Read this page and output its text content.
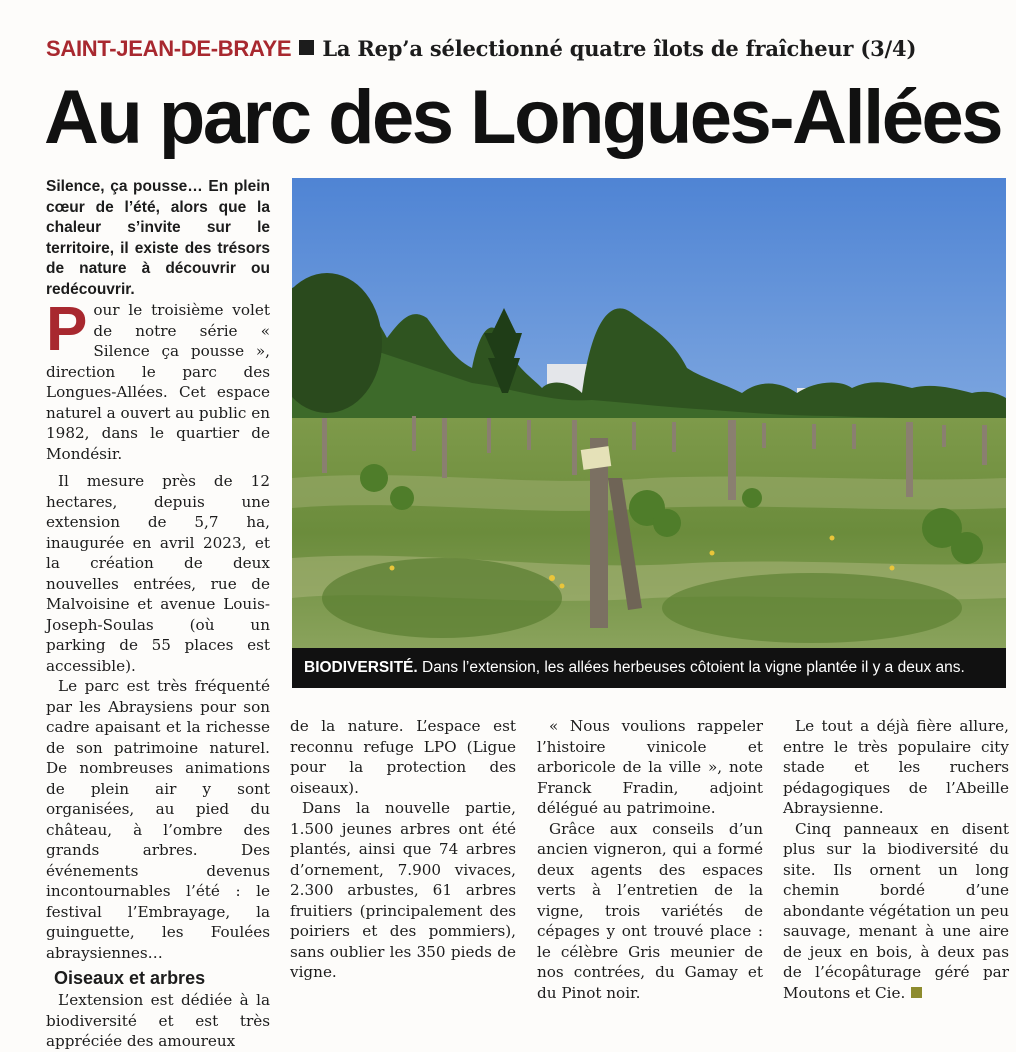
SAINT-JEAN-DE-BRAYE La Rep’a sélectionné quatre îlots de fraîcheur (3/4)
Au parc des Longues-Allées

Silence, ça pousse… En plein cœur de l’été, alors que la chaleur s’invite sur le territoire, il existe des trésors de nature à découvrir ou redécouvrir.

Pour le troisième volet de notre série « Silence ça pousse », direction le parc des Longues-Allées. Cet espace naturel a ouvert au public en 1982, dans le quartier de Mondésir.

Il mesure près de 12 hectares, depuis une extension de 5,7 ha, inaugurée en avril 2023, et la création de deux nouvelles entrées, rue de Malvoisine et avenue Louis-Joseph-Soulas (où un parking de 55 places est accessible).

Le parc est très fréquenté par les Abraysiens pour son cadre apaisant et la richesse de son patrimoine naturel. De nombreuses animations de plein air y sont organisées, au pied du château, à l’ombre des grands arbres. Des événements devenus incontournables l’été : le festival l’Embrayage, la guinguette, les Foulées abraysiennes…

Oiseaux et arbres

L’extension est dédiée à la biodiversité et est très appréciée des amoureux

BIODIVERSITÉ. Dans l’extension, les allées herbeuses côtoient la vigne plantée il y a deux ans.

de la nature. L’espace est reconnu refuge LPO (Ligue pour la protection des oiseaux).

Dans la nouvelle partie, 1.500 jeunes arbres ont été plantés, ainsi que 74 arbres d’ornement, 7.900 vivaces, 2.300 arbustes, 61 arbres fruitiers (principalement des poiriers et des pommiers), sans oublier les 350 pieds de vigne.

« Nous voulions rappeler l’histoire vinicole et arboricole de la ville », note Franck Fradin, adjoint délégué au patrimoine.

Grâce aux conseils d’un ancien vigneron, qui a formé deux agents des espaces verts à l’entretien de la vigne, trois variétés de cépages y ont trouvé place : le célèbre Gris meunier de nos contrées, du Gamay et du Pinot noir.

Le tout a déjà fière allure, entre le très populaire city stade et les ruchers pédagogiques de l’Abeille Abraysienne.

Cinq panneaux en disent plus sur la biodiversité du site. Ils ornent un long chemin bordé d’une abondante végétation un peu sauvage, menant à une aire de jeux en bois, à deux pas de l’écopâturage géré par Moutons et Cie.
